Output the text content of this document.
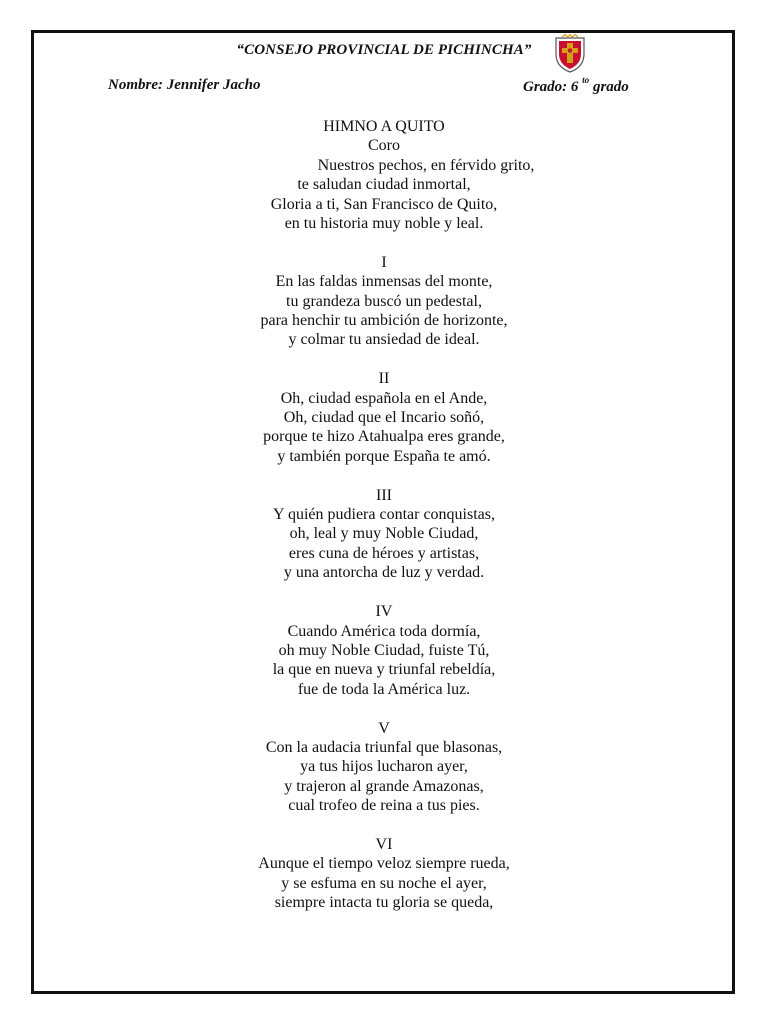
“CONSEJO PROVINCIAL DE PICHINCHA”
Nombre: Jennifer Jacho	Grado: 6 $^{to}$ grado
HIMNO A QUITO
Coro
Nuestros pechos, en férvido grito,
te saludan ciudad inmortal,
Gloria a ti, San Francisco de Quito,
en tu historia muy noble y leal.
I
En las faldas inmensas del monte,
tu grandeza buscó un pedestal,
para henchir tu ambición de horizonte,
y colmar tu ansiedad de ideal.
II
Oh, ciudad española en el Ande,
Oh, ciudad que el Incario soñó,
porque te hizo Atahualpa eres grande,
y también porque España te amó.
III
Y quién pudiera contar conquistas,
oh, leal y muy Noble Ciudad,
eres cuna de héroes y artistas,
y una antorcha de luz y verdad.
IV
Cuando América toda dormía,
oh muy Noble Ciudad, fuiste Tú,
la que en nueva y triunfal rebeldía,
fue de toda la América luz.
V
Con la audacia triunfal que blasonas,
ya tus hijos lucharon ayer,
y trajeron al grande Amazonas,
cual trofeo de reina a tus pies.
VI
Aunque el tiempo veloz siempre rueda,
y se esfuma en su noche el ayer,
siempre intacta tu gloria se queda,
